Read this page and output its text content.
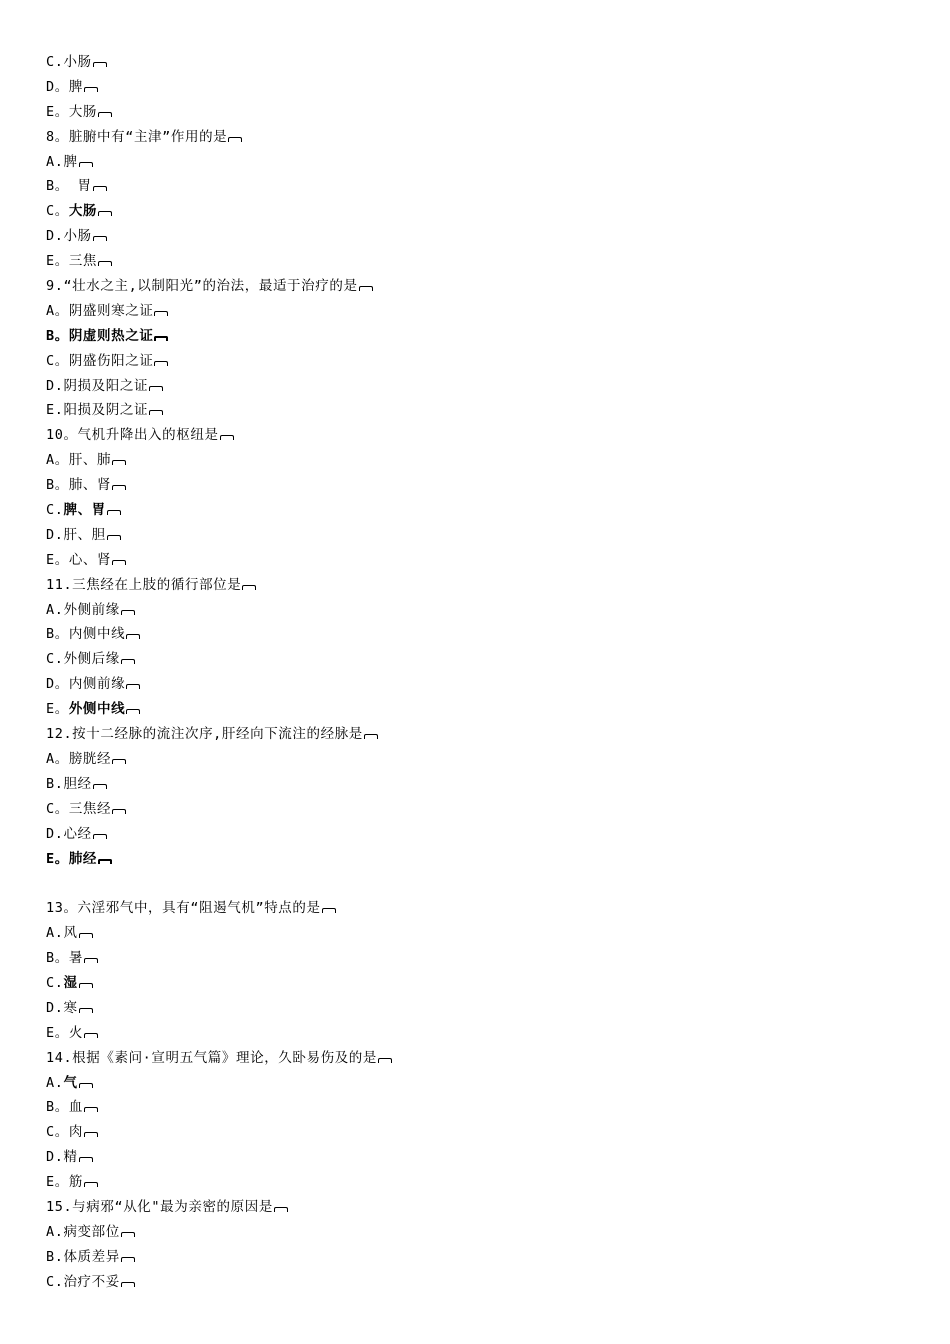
C.小肠
D。脾
E。大肠
8。脏腑中有“主津”作用的是
A.脾
B。 胃
C。大肠
D.小肠
E。三焦
9.“壮水之主,以制阳光”的治法，最适于治疗的是
A。阴盛则寒之证
B。阴虚则热之证
C。阴盛伤阳之证
D.阴损及阳之证
E.阳损及阴之证
10。气机升降出入的枢纽是
A。肝、肺
B。肺、肾
C.脾、胃
D.肝、胆
E。心、肾
11.三焦经在上肢的循行部位是
A.外侧前缘
B。内侧中线
C.外侧后缘
D。内侧前缘
E。外侧中线
12.按十二经脉的流注次序,肝经向下流注的经脉是
A。膀胱经
B.胆经
C。三焦经
D.心经
E。肺经
13。六淫邪气中，具有“阻遏气机”特点的是
A.风
B。暑
C.湿
D.寒
E。火
14.根据《素问·宣明五气篇》理论，久卧易伤及的是
A.气
B。血
C。肉
D.精
E。筋
15.与病邪“从化"最为亲密的原因是
A.病变部位
B.体质差异
C.治疗不妥
